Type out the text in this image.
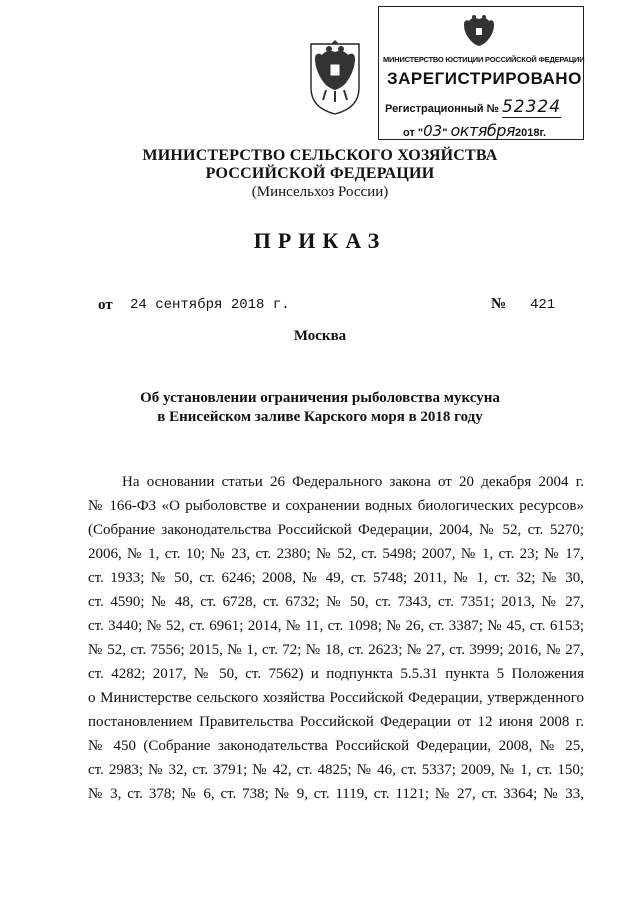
МИНИСТЕРСТВО ЮСТИЦИИ РОССИЙСКОЙ ФЕДЕРАЦИИ
ЗАРЕГИСТРИРОВАНО
Регистрационный № 52324
от "03" октября2018г.
МИНИСТЕРСТВО СЕЛЬСКОГО ХОЗЯЙСТВА
РОССИЙСКОЙ ФЕДЕРАЦИИ
(Минсельхоз России)
ПРИКАЗ
от 24 сентября 2018 г.	№ 421
Москва
Об установлении ограничения рыболовства муксуна
в Енисейском заливе Карского моря в 2018 году
На основании статьи 26 Федерального закона от 20 декабря 2004 г.
№ 166-ФЗ «О рыболовстве и сохранении водных биологических ресурсов»
(Собрание законодательства Российской Федерации, 2004, № 52, ст. 5270;
2006, № 1, ст. 10; № 23, ст. 2380; № 52, ст. 5498; 2007, № 1, ст. 23; № 17,
ст. 1933; № 50, ст. 6246; 2008, № 49, ст. 5748; 2011, № 1, ст. 32; № 30,
ст. 4590; № 48, ст. 6728, ст. 6732; № 50, ст. 7343, ст. 7351; 2013, № 27,
ст. 3440; № 52, ст. 6961; 2014, № 11, ст. 1098; № 26, ст. 3387; № 45, ст. 6153;
№ 52, ст. 7556; 2015, № 1, ст. 72; № 18, ст. 2623; № 27, ст. 3999; 2016, № 27,
ст. 4282; 2017, № 50, ст. 7562) и подпункта 5.5.31 пункта 5 Положения
о Министерстве сельского хозяйства Российской Федерации, утвержденного
постановлением Правительства Российской Федерации от 12 июня 2008 г.
№ 450 (Собрание законодательства Российской Федерации, 2008, № 25,
ст. 2983; № 32, ст. 3791; № 42, ст. 4825; № 46, ст. 5337; 2009, № 1, ст. 150;
№ 3, ст. 378; № 6, ст. 738; № 9, ст. 1119, ст. 1121; № 27, ст. 3364; № 33,
